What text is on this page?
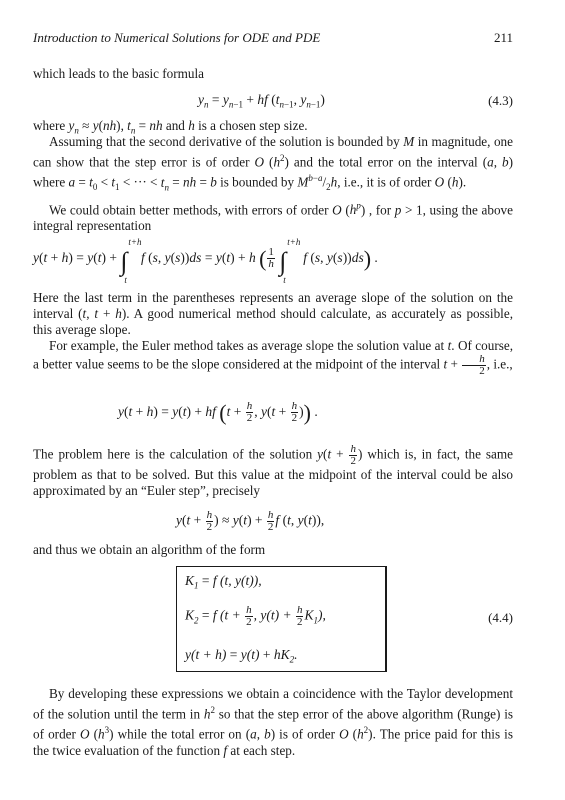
Introduction to Numerical Solutions for ODE and PDE	211
which leads to the basic formula
$y_n = y_{n-1}$ + hf ($t_{n-1}$, $y_{n-1}$)	(4.3)
where $y_n \approx y(nh)$, $t_n$ = nh and h is a chosen step size.
Assuming that the second derivative of the solution is bounded by M in magnitude, one can show that the step error is of order O $(h^2)$ and the total error on the interval (a, b) where $a = t_0 < t_1$ < ··· < $t_n$ = nh = b is bounded by $M^{b-a}/_2h$, i.e., it is of order O (h).
We could obtain better methods, with errors of order O $(h^p)$ , for p > 1, using the above integral representation
y(t + h) = y(t) + ∫
t+h
t
f (s, y(s))ds = y(t) + h ( $\frac{1}{h}$ ∫
t+h
t
f (s, y(s))ds) .
Here the last term in the parentheses represents an average slope of the solution on the interval (t, t + h). A good numerical method should calculate, as accurately as possible, this average slope.
For example, the Euler method takes as average slope the solution value at t. Of course, a better value seems to be the slope considered at the midpoint of the interval $t + \frac{h}{2}$ , i.e.,
y(t + h) = y(t) + hf ($t + \frac{h}{2}$ , $y(t + \frac{h}{2}$ )) .
The problem here is the calculation of the solution $y(t + \frac{h}{2}$ ) which is, in fact, the same problem as that to be solved. But this value at the midpoint of the interval could be also approximated by an “Euler step”, precisely
$y(t + \frac{h}{2}$ ) ≈ $y(t) + \frac{h}{2}$ f (t, y(t)),
and thus we obtain an algorithm of the form
$K_1 = f$ (t, y(t)),
$K_2 = f$ ($t + \frac{h}{2}$ , $y(t) + \frac{h}{2} K_1$),
$y(t + h) = y(t) + hK_2$.
(4.4)
By developing these expressions we obtain a coincidence with the Taylor development of the solution until the term in $h^2$ so that the step error of the above algorithm (Runge) is of order O $(h^3)$ while the total error on (a, b) is of order O $(h^2)$. The price paid for this is the twice evaluation of the function f at each step.
